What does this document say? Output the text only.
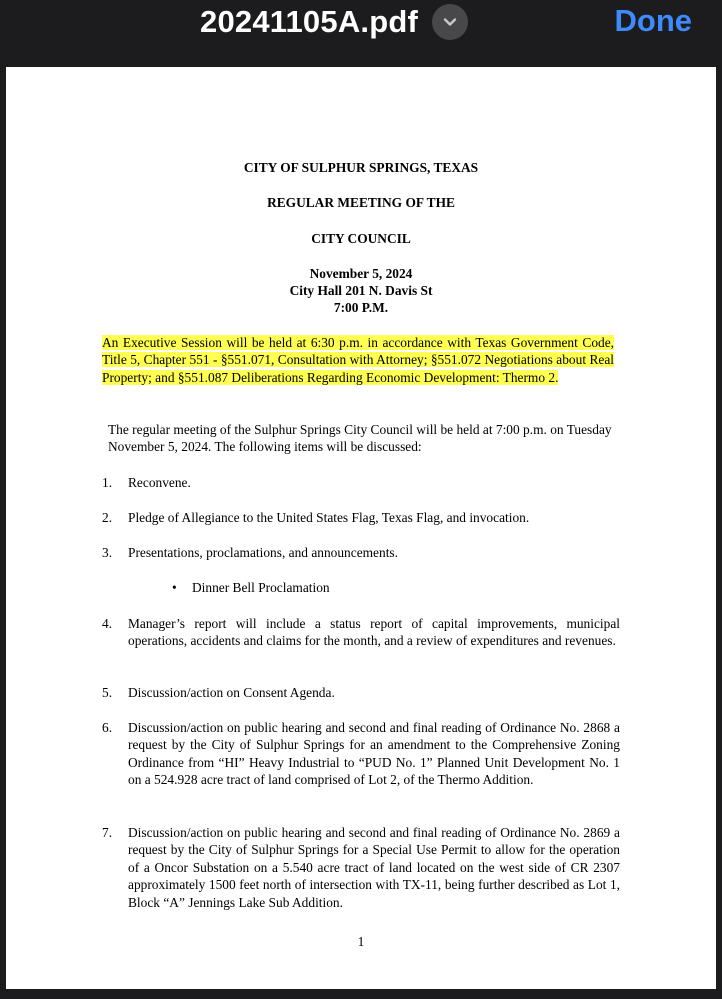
20241105A.pdf	Done
CITY OF SULPHUR SPRINGS, TEXAS
REGULAR MEETING OF THE
CITY COUNCIL
November 5, 2024
City Hall 201 N. Davis St
7:00 P.M.
An Executive Session will be held at 6:30 p.m. in accordance with Texas Government Code, Title 5, Chapter 551 - §551.071, Consultation with Attorney; §551.072 Negotiations about Real Property; and §551.087 Deliberations Regarding Economic Development: Thermo 2.
The regular meeting of the Sulphur Springs City Council will be held at 7:00 p.m. on Tuesday November 5, 2024. The following items will be discussed:
1. Reconvene.
2. Pledge of Allegiance to the United States Flag, Texas Flag, and invocation.
3. Presentations, proclamations, and announcements.
• Dinner Bell Proclamation
4. Manager’s report will include a status report of capital improvements, municipal operations, accidents and claims for the month, and a review of expenditures and revenues.
5. Discussion/action on Consent Agenda.
6. Discussion/action on public hearing and second and final reading of Ordinance No. 2868 a request by the City of Sulphur Springs for an amendment to the Comprehensive Zoning Ordinance from “HI” Heavy Industrial to “PUD No. 1” Planned Unit Development No. 1 on a 524.928 acre tract of land comprised of Lot 2, of the Thermo Addition.
7. Discussion/action on public hearing and second and final reading of Ordinance No. 2869 a request by the City of Sulphur Springs for a Special Use Permit to allow for the operation of a Oncor Substation on a 5.540 acre tract of land located on the west side of CR 2307 approximately 1500 feet north of intersection with TX-11, being further described as Lot 1, Block “A” Jennings Lake Sub Addition.
1
